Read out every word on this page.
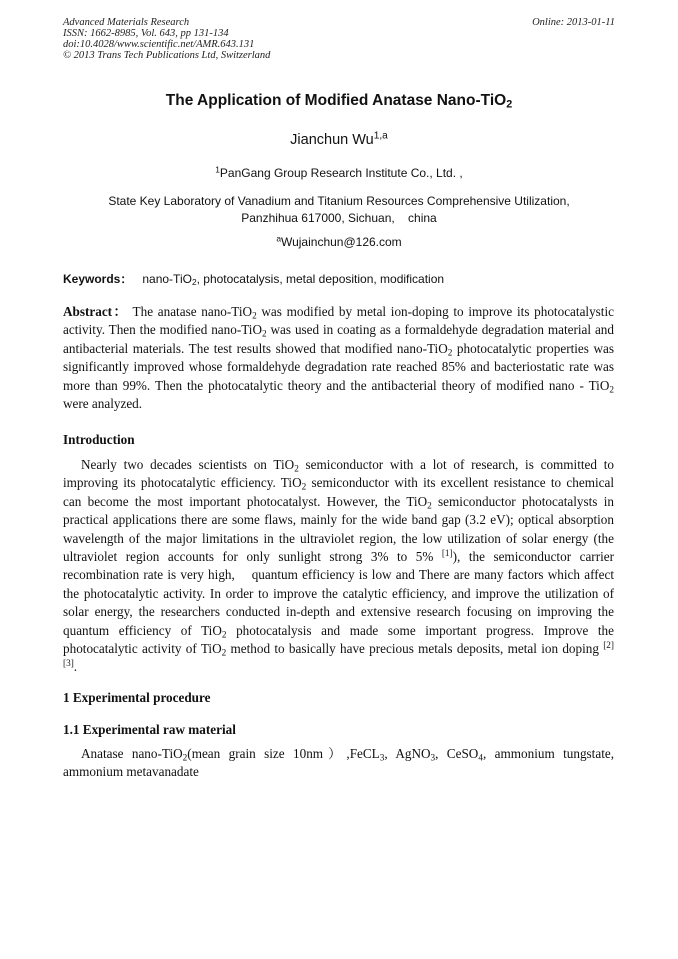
Advanced Materials Research
ISSN: 1662-8985, Vol. 643, pp 131-134
doi:10.4028/www.scientific.net/AMR.643.131
© 2013 Trans Tech Publications Ltd, Switzerland
Online: 2013-01-11
The Application of Modified Anatase Nano-TiO$_2$
Jianchun Wu$^{1,a}$
$^1$PanGang Group Research Institute Co., Ltd. ,
State Key Laboratory of Vanadium and Titanium Resources Comprehensive Utilization,
Panzhihua 617000, Sichuan,    china
$^a$Wujainchun@126.com
Keywords：   nano-TiO$_2$, photocatalysis, metal deposition, modification
Abstract： The anatase nano-TiO$_2$ was modified by metal ion-doping to improve its photocatalystic activity. Then the modified nano-TiO$_2$ was used in coating as a formaldehyde degradation material and antibacterial materials. The test results showed that modified nano-TiO$_2$ photocatalytic properties was significantly improved whose formaldehyde degradation rate reached 85% and bacteriostatic rate was more than 99%. Then the photocatalytic theory and the antibacterial theory of modified nano - TiO$_2$ were analyzed.
Introduction
Nearly two decades scientists on TiO$_2$ semiconductor with a lot of research, is committed to improving its photocatalytic efficiency. TiO$_2$ semiconductor with its excellent resistance to chemical can become the most important photocatalyst. However, the TiO$_2$ semiconductor photocatalysts in practical applications there are some flaws, mainly for the wide band gap (3.2 eV); optical absorption wavelength of the major limitations in the ultraviolet region, the low utilization of solar energy (the ultraviolet region accounts for only sunlight strong 3% to 5% [1]), the semiconductor carrier recombination rate is very high,    quantum efficiency is low and There are many factors which affect the photocatalytic activity. In order to improve the catalytic efficiency, and improve the utilization of solar energy, the researchers conducted in-depth and extensive research focusing on improving the quantum efficiency of TiO$_2$ photocatalysis and made some important progress. Improve the photocatalytic activity of TiO$_2$ method to basically have precious metals deposits, metal ion doping [2][3].
1 Experimental procedure
1.1 Experimental raw material
Anatase nano-TiO$_2$(mean grain size 10nm）,FeCL$_3$, AgNO$_3$, CeSO$_4$, ammonium tungstate, ammonium metavanadate
